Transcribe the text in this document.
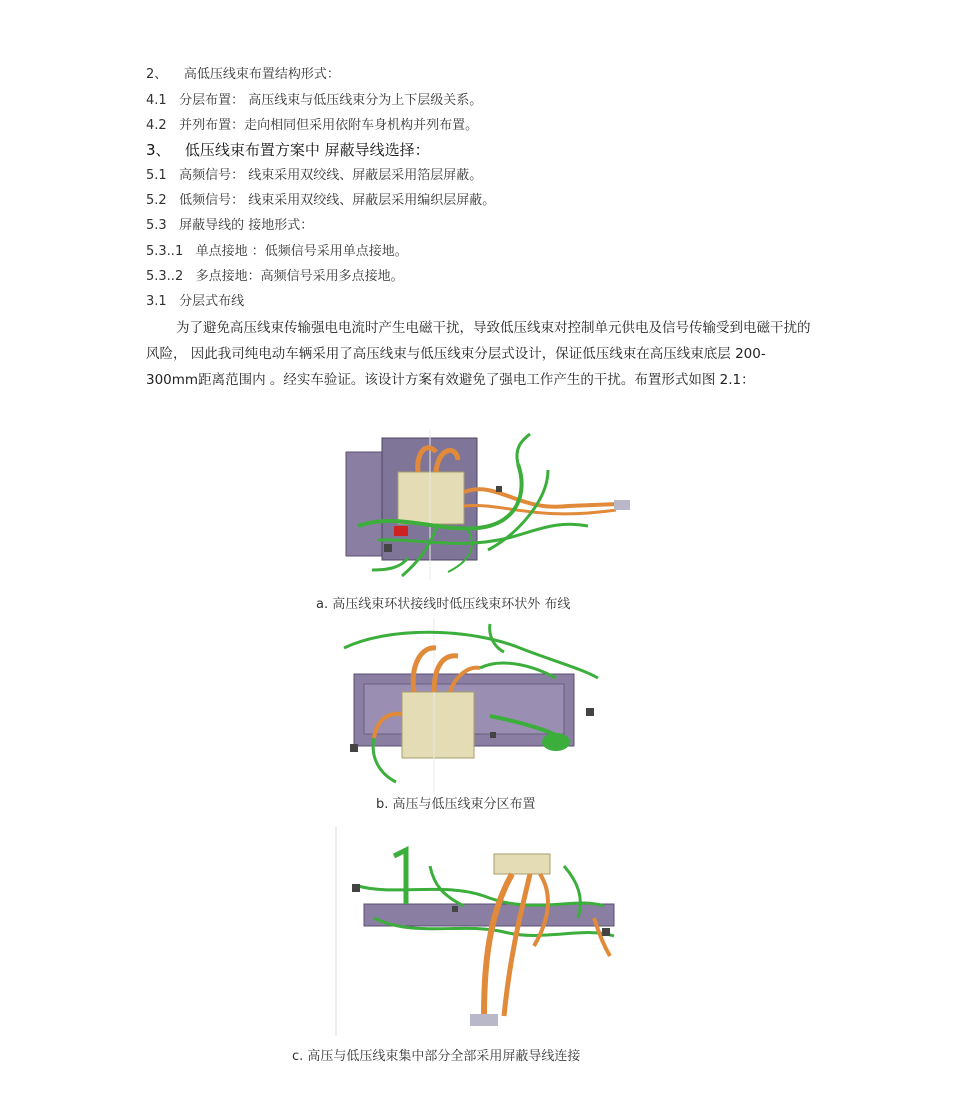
2、 高低压线束布置结构形式：
4.1 分层布置： 高压线束与低压线束分为上下层级关系。
4.2 并列布置：走向相同但采用依附车身机构并列布置。
3、 低压线束布置方案中 屏蔽导线选择：
5.1 高频信号： 线束采用双绞线、屏蔽层采用箔层屏蔽。
5.2 低频信号： 线束采用双绞线、屏蔽层采用编织层屏蔽。
5.3 屏蔽导线的 接地形式：
5.3..1 单点接地 ：低频信号采用单点接地。
5.3..2 多点接地：高频信号采用多点接地。
3.1 分层式布线
为了避免高压线束传输强电电流时产生电磁干扰，导致低压线束对控制单元供电及信号传输受到电磁干扰的风险， 因此我司纯电动车辆采用了高压线束与低压线束分层式设计，保证低压线束在高压线束底层 200-300mm距离范围内 。经实车验证。该设计方案有效避免了强电工作产生的干扰。布置形式如图 2.1：
a. 高压线束环状接线时低压线束环状外 布线
b. 高压与低压线束分区布置
c. 高压与低压线束集中部分全部采用屏蔽导线连接
